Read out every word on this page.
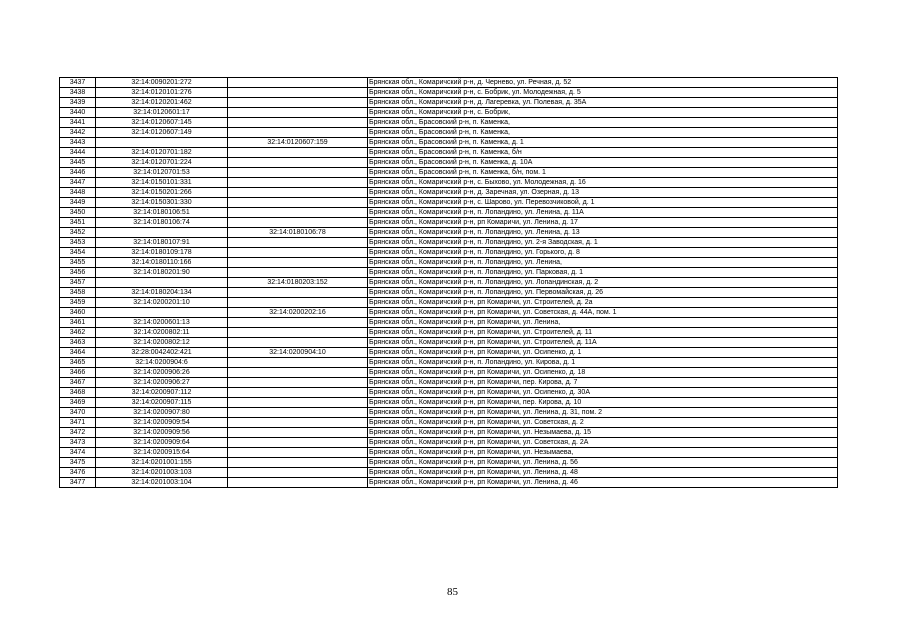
3437	32:14:0090201:272		Брянская обл., Комаричский р-н, д. Чернево, ул. Речная, д. 52
3438	32:14:0120101:276		Брянская обл., Комаричский р-н, с. Бобрик, ул. Молодежная, д. 5
3439	32:14:0120201:462		Брянская обл., Комаричский р-н, д. Лагеревка, ул. Полевая, д. 35А
3440	32:14:0120601:17		Брянская обл., Комаричский р-н, с. Бобрик,
3441	32:14:0120607:145		Брянская обл., Брасовский р-н, п. Каменка,
3442	32:14:0120607:149		Брянская обл., Брасовский р-н, п. Каменка,
3443		32:14:0120607:159	Брянская обл., Брасовский р-н, п. Каменка, д. 1
3444	32:14:0120701:182		Брянская обл., Брасовский р-н, п. Каменка, б/н
3445	32:14:0120701:224		Брянская обл., Брасовский р-н, п. Каменка, д. 10А
3446	32:14:0120701:53		Брянская обл., Брасовский р-н, п. Каменка, б/н, пом. 1
3447	32:14:0150101:331		Брянская обл., Комаричский р-н, с. Быхово, ул. Молодежная, д. 16
3448	32:14:0150201:266		Брянская обл., Комаричский р-н, д. Заречная, ул. Озерная, д. 13
3449	32:14:0150301:330		Брянская обл., Комаричский р-н, с. Шарово, ул. Перевозчиковой, д. 1
3450	32:14:0180106:51		Брянская обл., Комаричский р-н, п. Лопандино, ул. Ленина, д. 11А
3451	32:14:0180106:74		Брянская обл., Комаричский р-н, рп Комаричи, ул. Ленина, д. 17
3452		32:14:0180106:78	Брянская обл., Комаричский р-н, п. Лопандино, ул. Ленина, д. 13
3453	32:14:0180107:91		Брянская обл., Комаричский р-н, п. Лопандино, ул. 2-я Заводская, д. 1
3454	32:14:0180109:178		Брянская обл., Комаричский р-н, п. Лопандино, ул. Горького, д. 8
3455	32:14:0180110:166		Брянская обл., Комаричский р-н, п. Лопандино, ул. Ленина,
3456	32:14:0180201:90		Брянская обл., Комаричский р-н, п. Лопандино, ул. Парковая, д. 1
3457		32:14:0180203:152	Брянская обл., Комаричский р-н, п. Лопандино, ул. Лопандинская, д. 2
3458	32:14:0180204:134		Брянская обл., Комаричский р-н, п. Лопандино, ул. Первомайская, д. 26
3459	32:14:0200201:10		Брянская обл., Комаричский р-н, рп Комаричи, ул. Строителей, д. 2а
3460		32:14:0200202:16	Брянская обл., Комаричский р-н, рп Комаричи, ул. Советская, д. 44А, пом. 1
3461	32:14:0200601:13		Брянская обл., Комаричский р-н, рп Комаричи, ул. Ленина,
3462	32:14:0200802:11		Брянская обл., Комаричский р-н, рп Комаричи, ул. Строителей, д. 11
3463	32:14:0200802:12		Брянская обл., Комаричский р-н, рп Комаричи, ул. Строителей, д. 11А
3464	32:28:0042402:421	32:14:0200904:10	Брянская обл., Комаричский р-н, рп Комаричи, ул. Осипенко, д. 1
3465	32:14:0200904:6		Брянская обл., Комаричский р-н, п. Лопандино, ул. Кирова, д. 1
3466	32:14:0200906:26		Брянская обл., Комаричский р-н, рп Комаричи, ул. Осипенко, д. 18
3467	32:14:0200906:27		Брянская обл., Комаричский р-н, рп Комаричи, пер. Кирова, д. 7
3468	32:14:0200907:112		Брянская обл., Комаричский р-н, рп Комаричи, ул. Осипенко, д. 30А
3469	32:14:0200907:115		Брянская обл., Комаричский р-н, рп Комаричи, пер. Кирова, д. 10
3470	32:14:0200907:80		Брянская обл., Комаричский р-н, рп Комаричи, ул. Ленина, д. 31, пом. 2
3471	32:14:0200909:54		Брянская обл., Комаричский р-н, рп Комаричи, ул. Советская, д. 2
3472	32:14:0200909:56		Брянская обл., Комаричский р-н, рп Комаричи, ул. Незымаева, д. 15
3473	32:14:0200909:64		Брянская обл., Комаричский р-н, рп Комаричи, ул. Советская, д. 2А
3474	32:14:0200915:64		Брянская обл., Комаричский р-н, рп Комаричи, ул. Незымаева,
3475	32:14:0201001:155		Брянская обл., Комаричский р-н, рп Комаричи, ул. Ленина, д. 56
3476	32:14:0201003:103		Брянская обл., Комаричский р-н, рп Комаричи, ул. Ленина, д. 48
3477	32:14:0201003:104		Брянская обл., Комаричский р-н, рп Комаричи, ул. Ленина, д. 46
85
